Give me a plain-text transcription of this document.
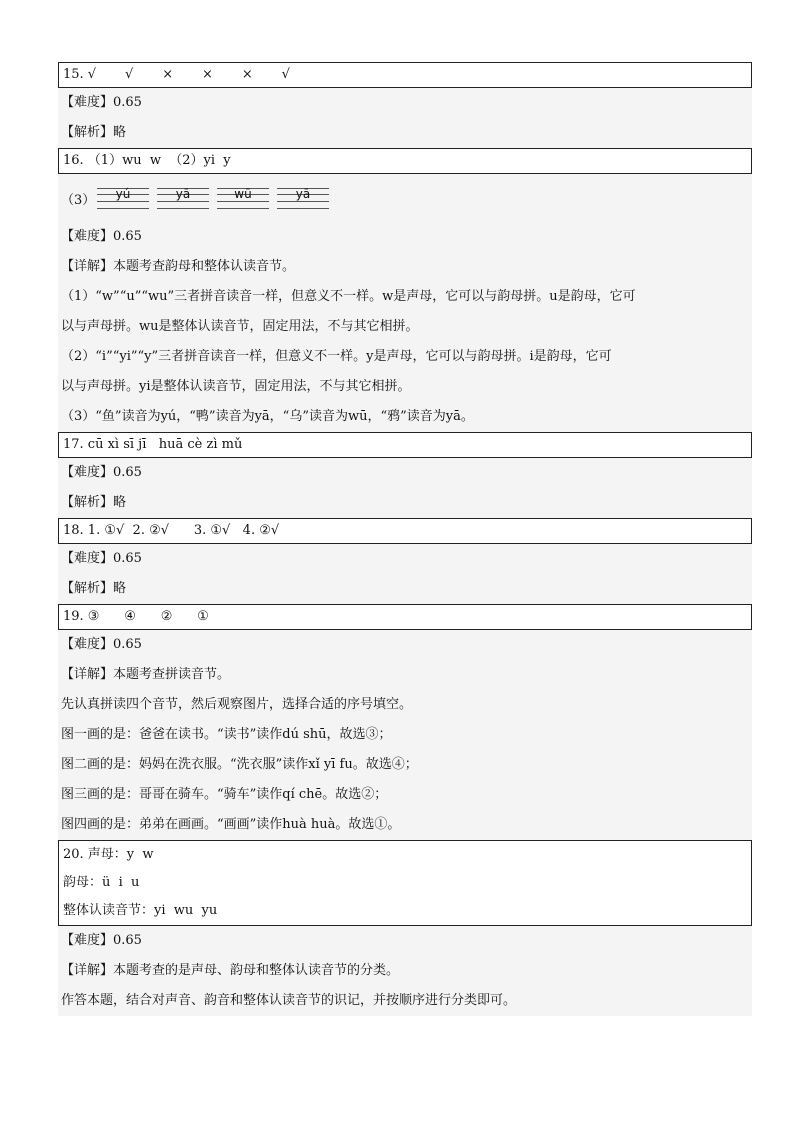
15. √       √       ×       ×       ×       √
【难度】0.65
【解析】略
16. （1）wu  w  （2）yi  y
（3）	yú	yā	wū	yā
【难度】0.65
【详解】本题考查韵母和整体认读音节。
（1）“w”“u”“wu”三者拼音读音一样，但意义不一样。w是声母，它可以与韵母拼。u是韵母，它可
以与声母拼。wu是整体认读音节，固定用法，不与其它相拼。
（2）“i”“yi”“y”三者拼音读音一样，但意义不一样。y是声母，它可以与韵母拼。i是韵母，它可
以与声母拼。yi是整体认读音节，固定用法，不与其它相拼。
（3）“鱼”读音为yú，“鸭”读音为yā，“乌”读音为wū，“鸦”读音为yā。
17. cū xì sī jī   huā cè zì mǔ
【难度】0.65
【解析】略
18. 1. ①√  2. ②√      3. ①√   4. ②√
【难度】0.65
【解析】略
19. ③      ④      ②      ①
【难度】0.65
【详解】本题考查拼读音节。
先认真拼读四个音节，然后观察图片，选择合适的序号填空。
图一画的是：爸爸在读书。“读书”读作dú shū，故选③；
图二画的是：妈妈在洗衣服。“洗衣服”读作xǐ yī fu。故选④；
图三画的是：哥哥在骑车。“骑车”读作qí chē。故选②；
图四画的是：弟弟在画画。“画画”读作huà huà。故选①。
20. 声母：y  w
韵母：ü  i  u
整体认读音节：yi  wu  yu
【难度】0.65
【详解】本题考查的是声母、韵母和整体认读音节的分类。
作答本题，结合对声音、韵音和整体认读音节的识记，并按顺序进行分类即可。
